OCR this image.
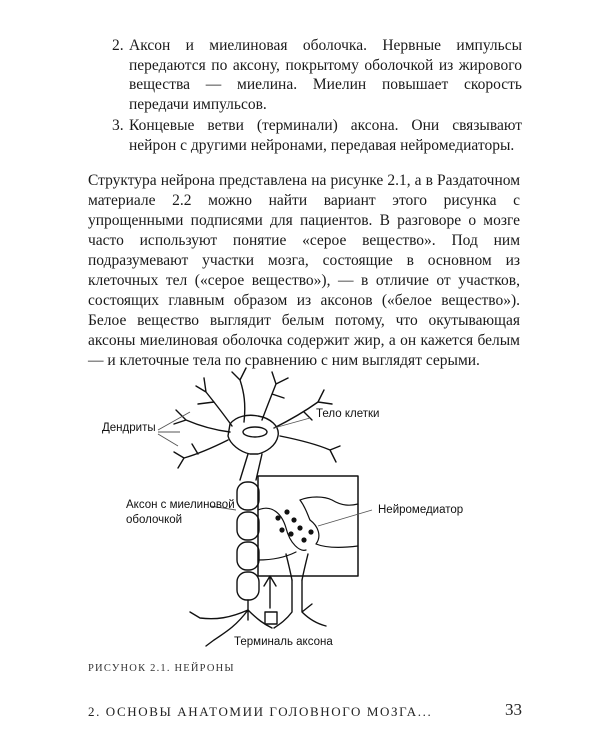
2. Аксон и миелиновая оболочка. Нервные импульсы передаются по аксону, покрытому оболочкой из жирового вещества — миелина. Миелин повышает скорость передачи импульсов.
3. Концевые ветви (терминали) аксона. Они связывают нейрон с другими нейронами, передавая нейромедиаторы.
Структура нейрона представлена на рисунке 2.1, а в Раздаточном материале 2.2 можно найти вариант этого рисунка с упрощенными подписями для пациентов. В разговоре о мозге часто используют понятие «серое вещество». Под ним подразумевают участки мозга, состоящие в основном из клеточных тел («серое вещество»), — в отличие от участков, состоящих главным образом из аксонов («белое вещество»). Белое вещество выглядит белым потому, что окутывающая аксоны миелиновая оболочка содержит жир, а он кажется белым — и клеточные тела по сравнению с ним выглядят серыми.
Дендриты
Тело клетки
Аксон с миелиновой оболочкой
Нейромедиатор
Терминаль аксона
РИСУНОК 2.1. НЕЙРОНЫ
2. ОСНОВЫ АНАТОМИИ ГОЛОВНОГО МОЗГА...	33
